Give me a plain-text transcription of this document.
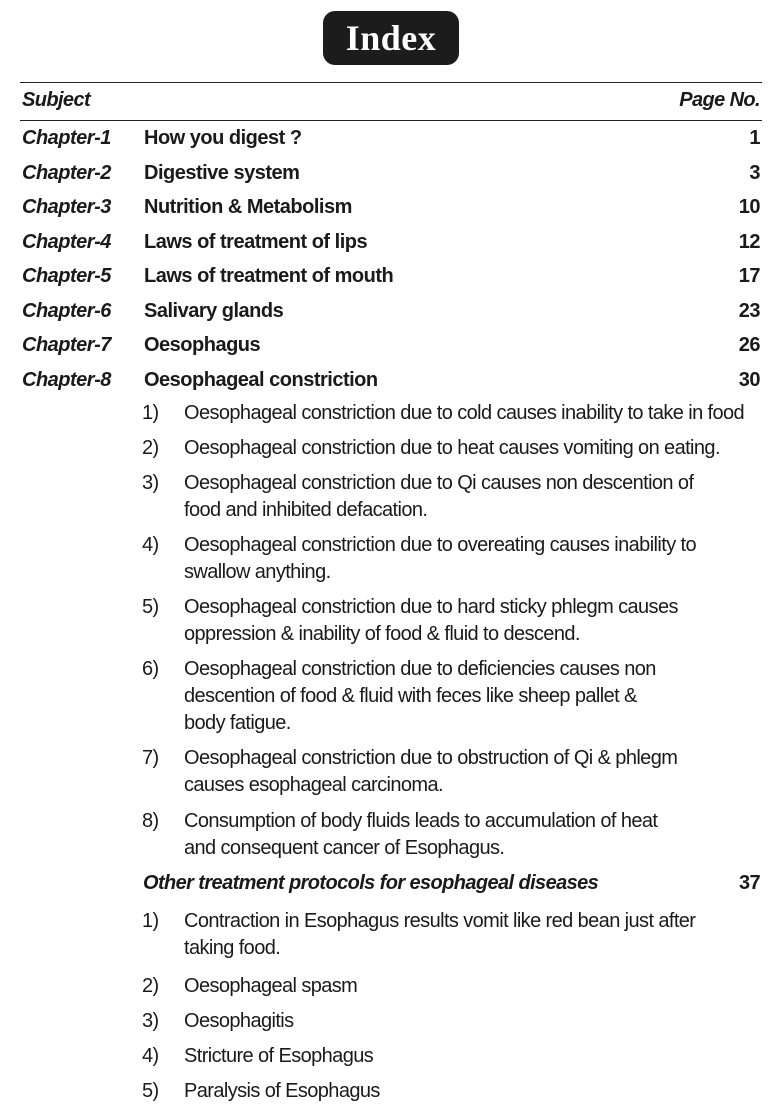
Index
Subject	Page No.
Chapter-1 How you digest ?	1
Chapter-2 Digestive system	3
Chapter-3 Nutrition & Metabolism	10
Chapter-4 Laws of treatment of lips	12
Chapter-5 Laws of treatment of mouth	17
Chapter-6 Salivary glands	23
Chapter-7 Oesophagus	26
Chapter-8 Oesophageal constriction	30
1) Oesophageal constriction due to cold causes inability to take in food
2) Oesophageal constriction due to heat causes vomiting on eating.
3) Oesophageal constriction due to Qi causes non descention of
food and inhibited defacation.
4) Oesophageal constriction due to overeating causes inability to
swallow anything.
5) Oesophageal constriction due to hard sticky phlegm causes
oppression & inability of food & fluid to descend.
6) Oesophageal constriction due to deficiencies causes non
descention of food & fluid with feces like sheep pallet &
body fatigue.
7) Oesophageal constriction due to obstruction of Qi & phlegm
causes esophageal carcinoma.
8) Consumption of body fluids leads to accumulation of heat
and consequent cancer of Esophagus.
Other treatment protocols for esophageal diseases	37
1) Contraction in Esophagus results vomit like red bean just after
taking food.
2) Oesophageal spasm
3) Oesophagitis
4) Stricture of Esophagus
5) Paralysis of Esophagus
